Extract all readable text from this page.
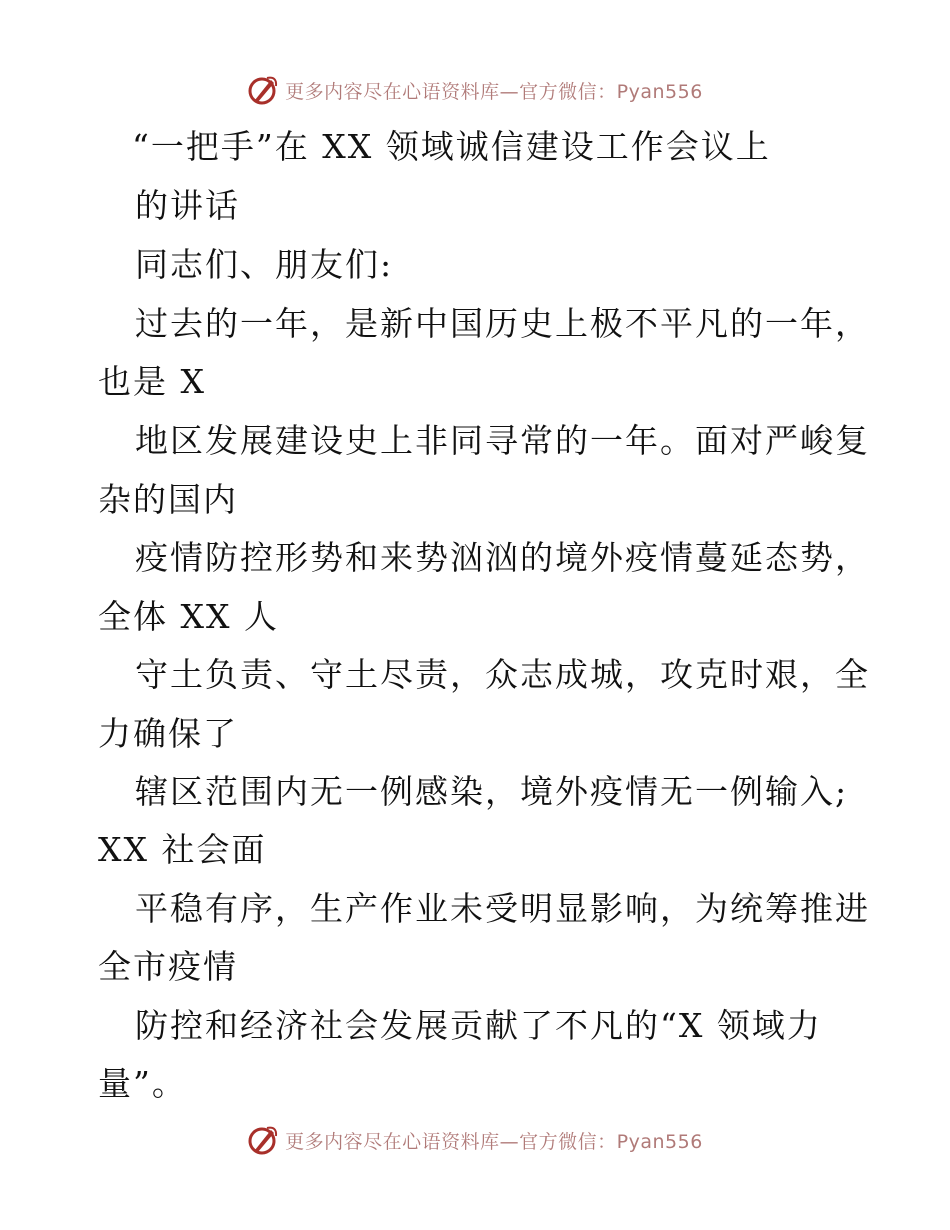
更多内容尽在心语资料库—官方微信：Pyan556
“一把手”在 XX 领域诚信建设工作会议上
的讲话
同志们、朋友们:
过去的一年，是新中国历史上极不平凡的一年，
也是 X
地区发展建设史上非同寻常的一年。面对严峻复
杂的国内
疫情防控形势和来势汹汹的境外疫情蔓延态势，
全体 XX 人
守土负责、守土尽责，众志成城，攻克时艰，全
力确保了
辖区范围内无一例感染，境外疫情无一例输入;
XX 社会面
平稳有序，生产作业未受明显影响，为统筹推进
全市疫情
防控和经济社会发展贡献了不凡的“X 领域力
量”。
更多内容尽在心语资料库—官方微信：Pyan556
